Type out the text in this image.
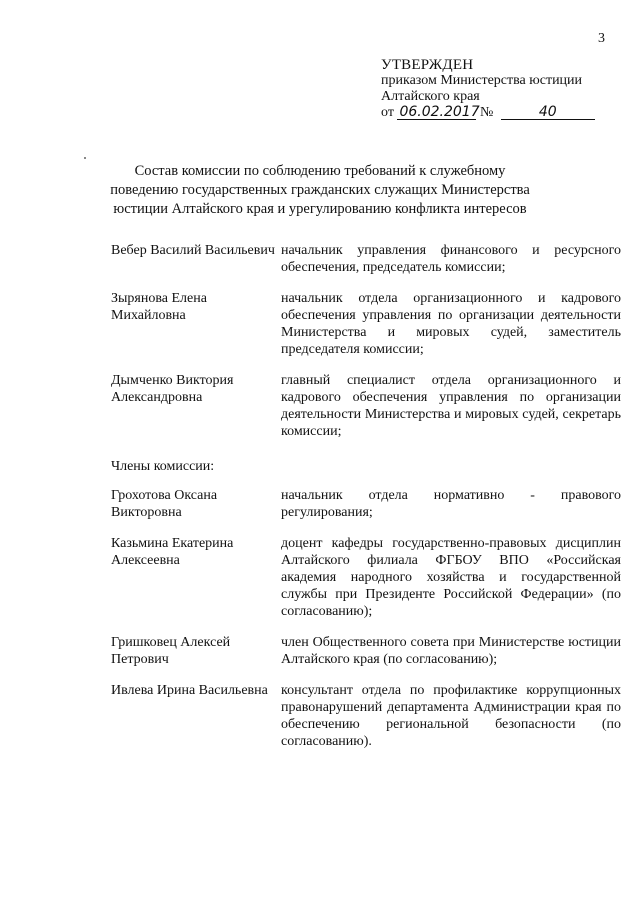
3
УТВЕРЖДЕН
приказом Министерства юстиции
Алтайского края
от 06.02.2017 №	40
Состав комиссии по соблюдению требований к служебному поведению государственных гражданских служащих Министерства юстиции Алтайского края и урегулированию конфликта интересов
Вебер Василий Васильевич начальник управления финансового и ресурсного обеспечения, председатель комиссии;
Зырянова Елена Михайловна
начальник отдела организационного и кадрового обеспечения управления по организации деятельности Министерства и мировых судей, заместитель председателя комиссии;
Дымченко Виктория Александровна
главный специалист отдела организационного и кадрового обеспечения управления по организации деятельности Министерства и мировых судей, секретарь комиссии;
Члены комиссии:
Грохотова Оксана Викторовна
начальник отдела нормативно - правового регулирования;
Казьмина Екатерина Алексеевна
доцент кафедры государственно-правовых дисциплин Алтайского филиала ФГБОУ ВПО «Российская академия народного хозяйства и государственной службы при Президенте Российской Федерации» (по согласованию);
Гришковец Алексей Петрович
член Общественного совета при Министерстве юстиции Алтайского края (по согласованию);
Ивлева Ирина Васильевна консультант отдела по профилактике коррупционных правонарушений департамента Администрации края по обеспечению региональной безопасности (по согласованию).
